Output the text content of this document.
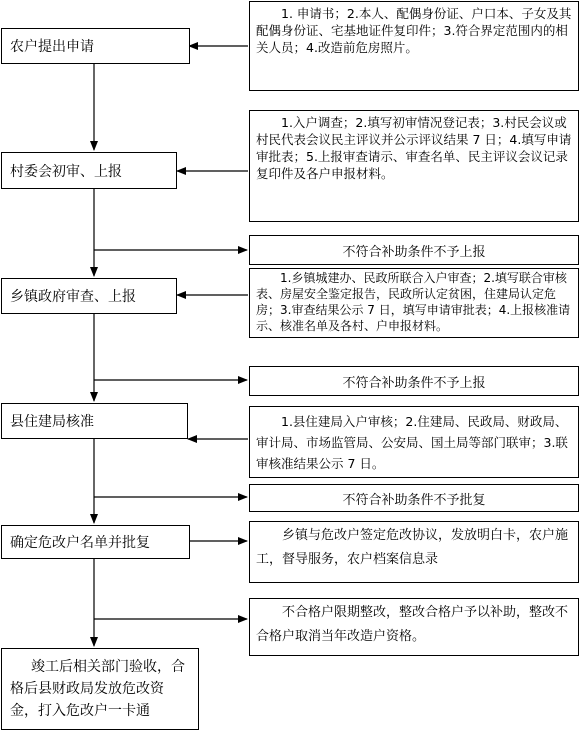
农户提出申请
村委会初审、上报
乡镇政府审查、上报
县住建局核准
确定危改户名单并批复
竣工后相关部门验收，合格后县财政局发放危改资金，打入危改户一卡通
1. 申请书；2.本人、配偶身份证、户口本、子女及其配偶身份证、宅基地证件复印件；3.符合界定范围内的相关人员；4.改造前危房照片。
1.入户调查；2.填写初审情况登记表；3.村民会议或村民代表会议民主评议并公示评议结果 7 日；4.填写申请审批表；5.上报审查请示、审查名单、民主评议会议记录复印件及各户申报材料。
1.乡镇城建办、民政所联合入户审查；2.填写联合审核表、房屋安全鉴定报告，民政所认定贫困，住建局认定危房；3.审查结果公示 7 日，填写申请审批表；4.上报核准请示、核准名单及各村、户申报材料。
1.县住建局入户审核；2.住建局、民政局、财政局、审计局、市场监管局、公安局、国土局等部门联审；3.联审核准结果公示 7 日。
乡镇与危改户签定危改协议，发放明白卡，农户施工，督导服务，农户档案信息录
不合格户限期整改，整改合格户予以补助，整改不合格户取消当年改造户资格。
不符合补助条件不予上报
不符合补助条件不予上报
不符合补助条件不予批复
